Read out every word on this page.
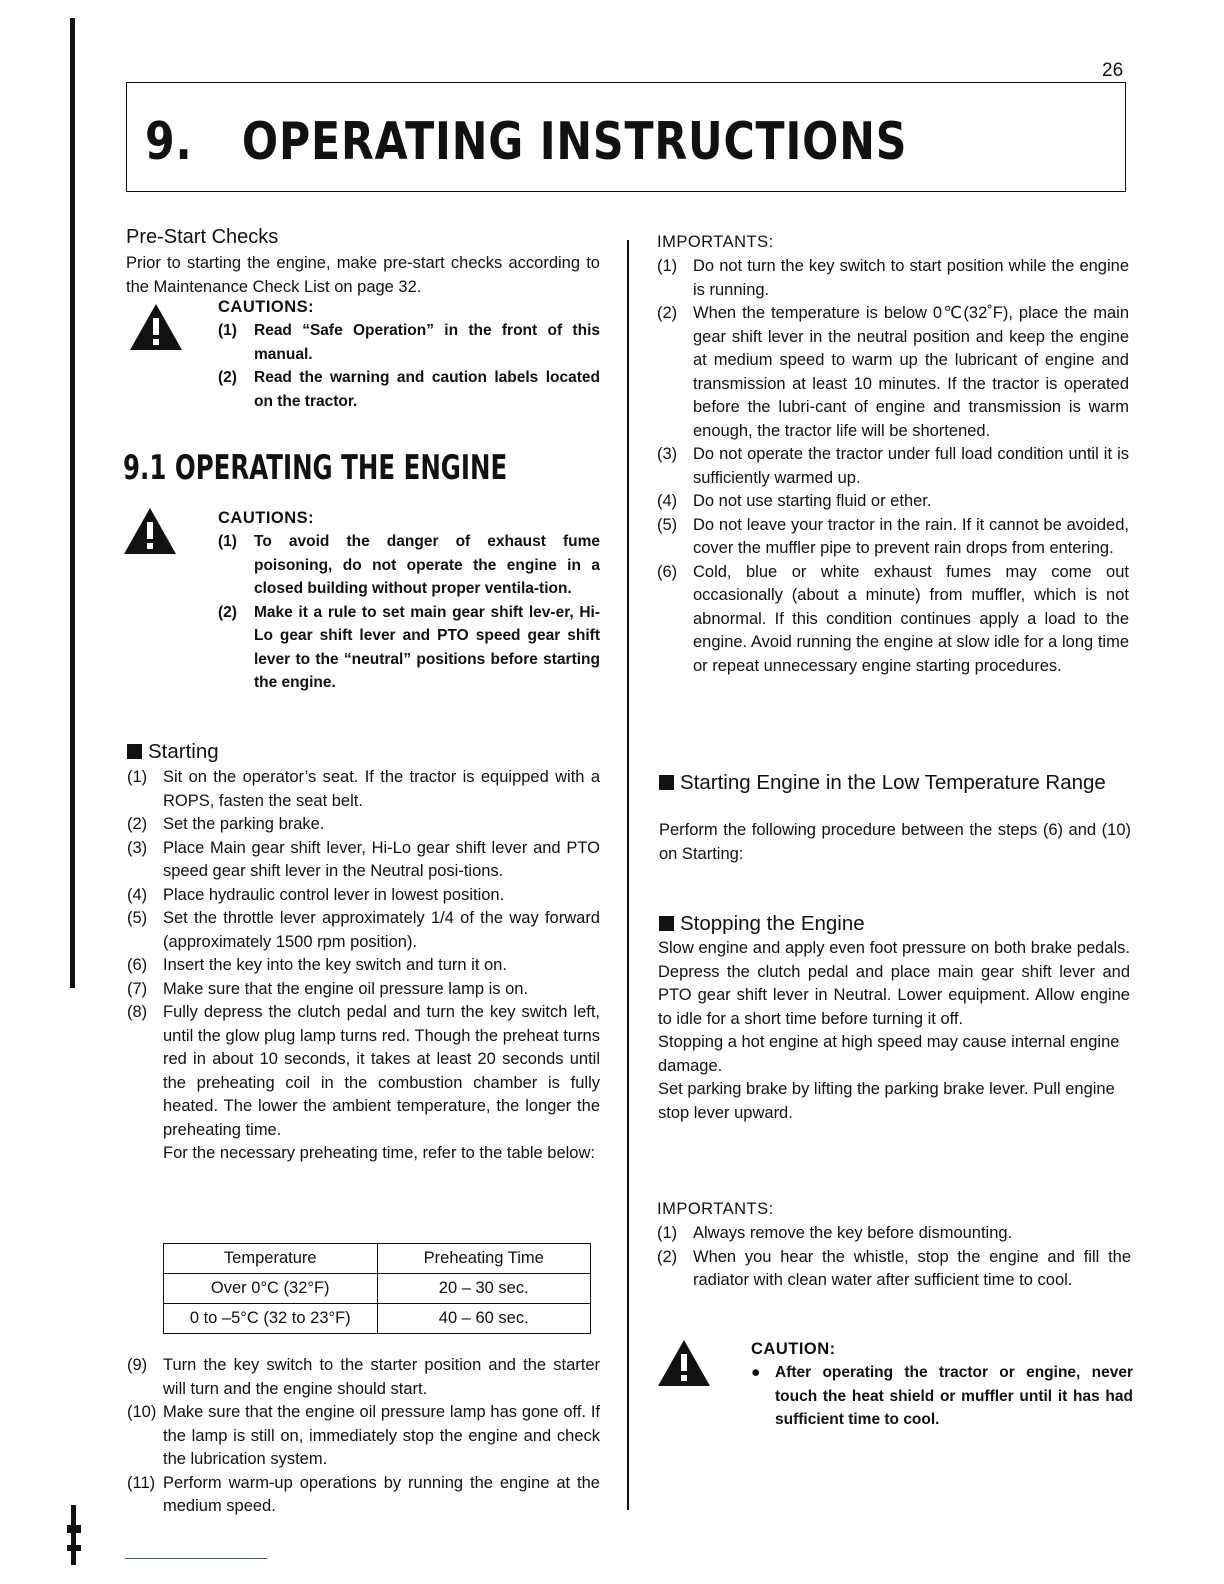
26
9. OPERATING INSTRUCTIONS
Pre-Start Checks
Prior to starting the engine, make pre-start checks according to the Maintenance Check List on page 32.
CAUTIONS:
(1) Read “Safe Operation” in the front of this manual.
(2) Read the warning and caution labels located on the tractor.
9.1 OPERATING THE ENGINE
CAUTIONS:
(1) To avoid the danger of exhaust fume poisoning, do not operate the engine in a closed building without proper ventila-tion.
(2) Make it a rule to set main gear shift lev-er, Hi-Lo gear shift lever and PTO speed gear shift lever to the “neutral” positions before starting the engine.
Starting
(1) Sit on the operator’s seat. If the tractor is equipped with a ROPS, fasten the seat belt.
(2) Set the parking brake.
(3) Place Main gear shift lever, Hi-Lo gear shift lever and PTO speed gear shift lever in the Neutral posi-tions.
(4) Place hydraulic control lever in lowest position.
(5) Set the throttle lever approximately 1/4 of the way forward (approximately 1500 rpm position).
(6) Insert the key into the key switch and turn it on.
(7) Make sure that the engine oil pressure lamp is on.
(8) Fully depress the clutch pedal and turn the key switch left, until the glow plug lamp turns red. Though the preheat turns red in about 10 seconds, it takes at least 20 seconds until the preheating coil in the combustion chamber is fully heated. The lower the ambient temperature, the longer the preheating time.
For the necessary preheating time, refer to the table below:
Temperature	Preheating Time
Over 0°C (32°F)	20 – 30 sec.
0 to –5°C (32 to 23°F)	40 – 60 sec.
(9) Turn the key switch to the starter position and the starter will turn and the engine should start.
(10) Make sure that the engine oil pressure lamp has gone off. If the lamp is still on, immediately stop the engine and check the lubrication system.
(11) Perform warm-up operations by running the engine at the medium speed.
IMPORTANTS:
(1) Do not turn the key switch to start position while the engine is running.
(2) When the temperature is below 0℃(32˚F), place the main gear shift lever in the neutral position and keep the engine at medium speed to warm up the lubricant of engine and transmission at least 10 minutes. If the tractor is operated before the lubri-cant of engine and transmission is warm enough, the tractor life will be shortened.
(3) Do not operate the tractor under full load condition until it is sufficiently warmed up.
(4) Do not use starting fluid or ether.
(5) Do not leave your tractor in the rain. If it cannot be avoided, cover the muffler pipe to prevent rain drops from entering.
(6) Cold, blue or white exhaust fumes may come out occasionally (about a minute) from muffler, which is not abnormal. If this condition continues apply a load to the engine. Avoid running the engine at slow idle for a long time or repeat unnecessary engine starting procedures.
Starting Engine in the Low Temperature Range
Perform the following procedure between the steps (6) and (10) on Starting:
Stopping the Engine
Slow engine and apply even foot pressure on both brake pedals. Depress the clutch pedal and place main gear shift lever and PTO gear shift lever in Neutral. Lower equipment. Allow engine to idle for a short time before turning it off.
Stopping a hot engine at high speed may cause internal engine damage.
Set parking brake by lifting the parking brake lever. Pull engine stop lever upward.
IMPORTANTS:
(1) Always remove the key before dismounting.
(2) When you hear the whistle, stop the engine and fill the radiator with clean water after sufficient time to cool.
CAUTION:
● After operating the tractor or engine, never touch the heat shield or muffler until it has had sufficient time to cool.
